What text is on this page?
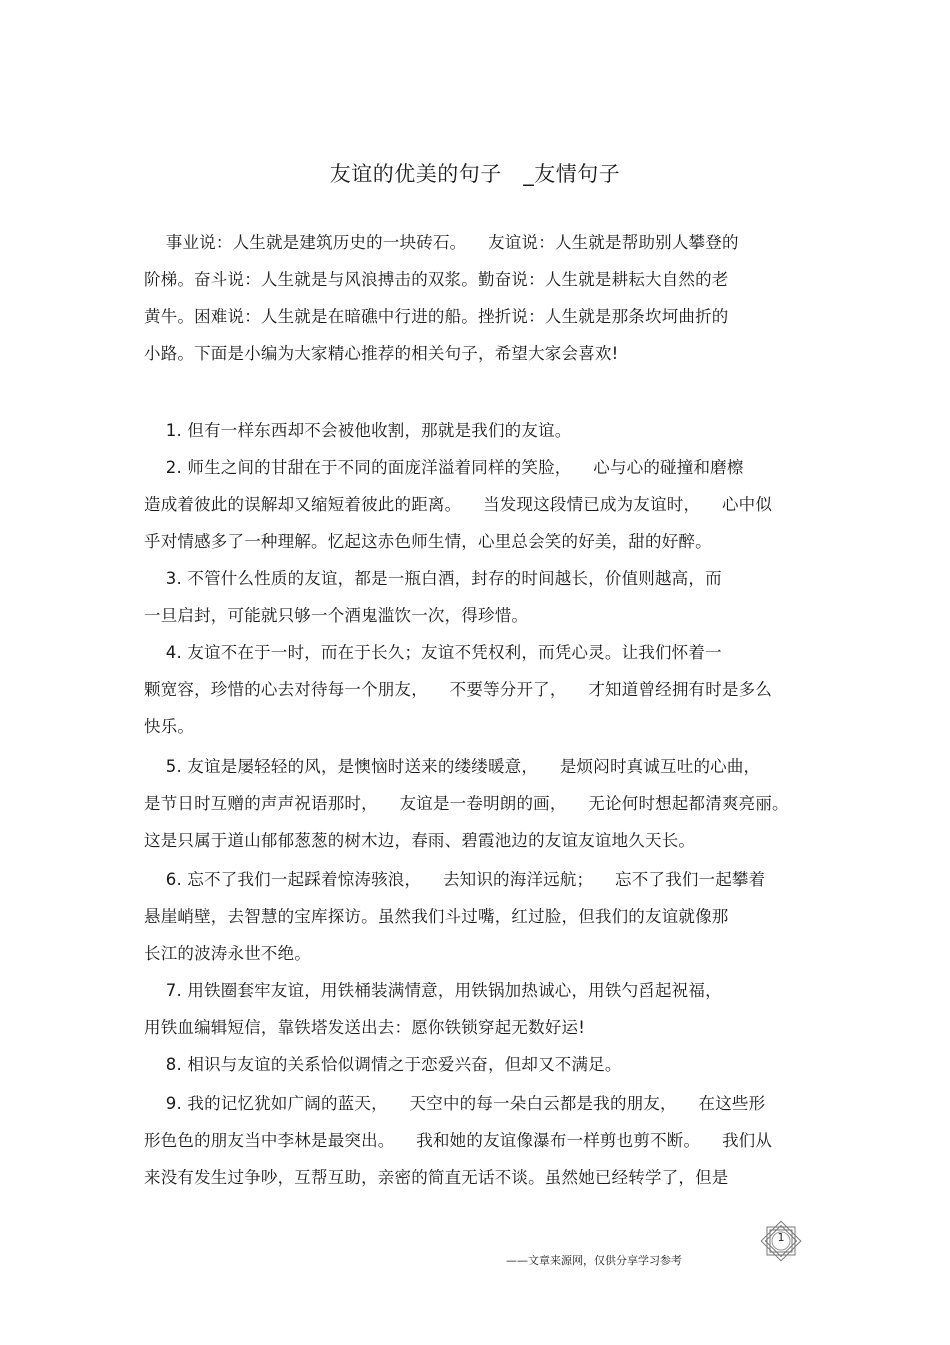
友谊的优美的句子   _友情句子
事业说：人生就是建筑历史的一块砖石。    友谊说：人生就是帮助别人攀登的
阶梯。奋斗说：人生就是与风浪搏击的双浆。勤奋说：人生就是耕耘大自然的老
黄牛。困难说：人生就是在暗礁中行进的船。挫折说：人生就是那条坎坷曲折的
小路。下面是小编为大家精心推荐的相关句子，希望大家会喜欢!
1. 但有一样东西却不会被他收割，那就是我们的友谊。
2. 师生之间的甘甜在于不同的面庞洋溢着同样的笑脸，    心与心的碰撞和磨檫
造成着彼此的误解却又缩短着彼此的距离。    当发现这段情已成为友谊时，    心中似
乎对情感多了一种理解。忆起这赤色师生情，心里总会笑的好美，甜的好醉。
3. 不管什么性质的友谊，都是一瓶白酒，封存的时间越长，价值则越高，而
一旦启封，可能就只够一个酒鬼滥饮一次，得珍惜。
4. 友谊不在于一时，而在于长久；友谊不凭权利，而凭心灵。让我们怀着一
颗宽容，珍惜的心去对待每一个朋友，    不要等分开了，    才知道曾经拥有时是多么
快乐。
5. 友谊是屡轻轻的风，是懊恼时送来的缕缕暖意，    是烦闷时真诚互吐的心曲，
是节日时互赠的声声祝语那时，    友谊是一卷明朗的画，    无论何时想起都清爽亮丽。
这是只属于道山郁郁葱葱的树木边，春雨、碧霞池边的友谊友谊地久天长。
6. 忘不了我们一起踩着惊涛骇浪，    去知识的海洋远航；    忘不了我们一起攀着
悬崖峭壁，去智慧的宝库探访。虽然我们斗过嘴，红过脸，但我们的友谊就像那
长江的波涛永世不绝。
7. 用铁圈套牢友谊，用铁桶装满情意，用铁锅加热诚心，用铁勺舀起祝福，
用铁血编辑短信，靠铁塔发送出去：愿你铁锁穿起无数好运!
8. 相识与友谊的关系恰似调情之于恋爱兴奋，但却又不满足。
9. 我的记忆犹如广阔的蓝天，    天空中的每一朵白云都是我的朋友，    在这些形
形色色的朋友当中李林是最突出。    我和她的友谊像瀑布一样剪也剪不断。    我们从
来没有发生过争吵，互帮互助，亲密的简直无话不谈。虽然她已经转学了，但是
——文章来源网，仅供分享学习参考
1
